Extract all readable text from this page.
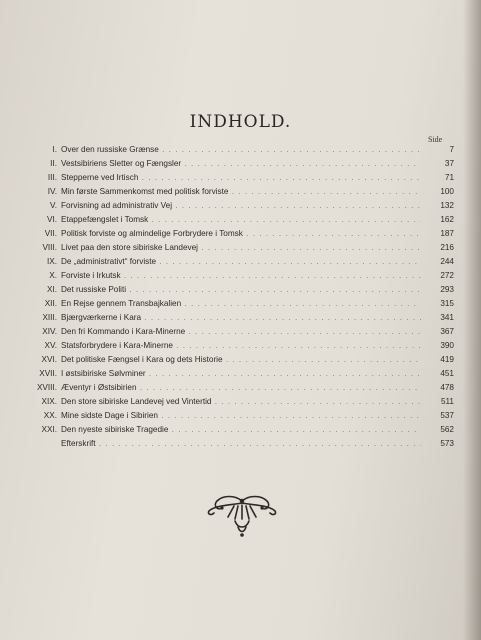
INDHOLD.
Side
I. Over den russiske Grænse . . .	7
II. Vestsibiriens Sletter og Fængsler . . .	37
III. Stepperne ved Irtisch . . .	71
IV. Min første Sammenkomst med politisk forviste . . .	100
V. Forvisning ad administrativ Vej . . .	132
VI. Etappefængslet i Tomsk . . .	162
VII. Politisk forviste og almindelige Forbrydere i Tomsk . . .	187
VIII. Livet paa den store sibiriske Landevej . . .	216
IX. De „administrativt“ forviste . . .	244
X. Forviste i Irkutsk . . .	272
XI. Det russiske Politi . . .	293
XII. En Rejse gennem Transbajkalien . . .	315
XIII. Bjærgværkerne i Kara . . .	341
XIV. Den fri Kommando i Kara-Minerne . . .	367
XV. Statsforbrydere i Kara-Minerne . . .	390
XVI. Det politiske Fængsel i Kara og dets Historie . . .	419
XVII. I østsibiriske Sølvminer . . .	451
XVIII. Æventyr i Østsibirien . . .	478
XIX. Den store sibiriske Landevej ved Vintertid . . .	511
XX. Mine sidste Dage i Sibirien . . .	537
XXI. Den nyeste sibiriske Tragedie . . .	562
Efterskrift . . .	573
